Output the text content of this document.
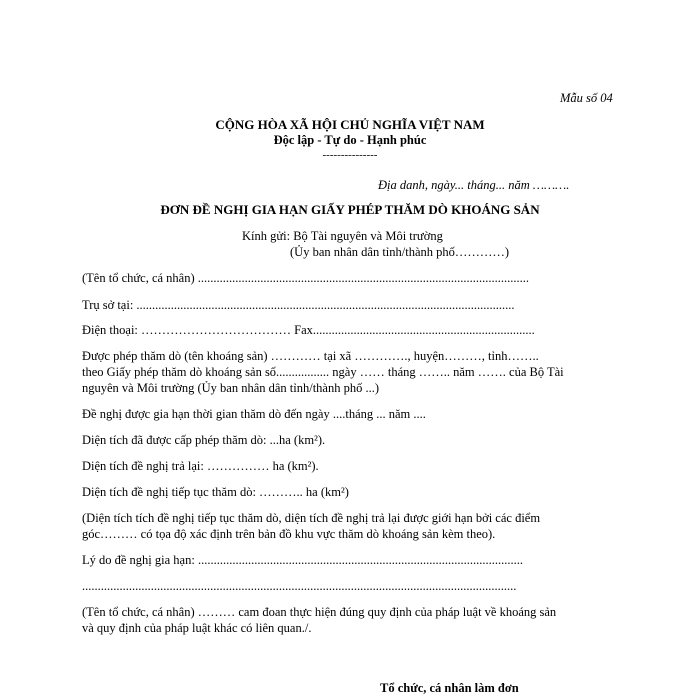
Mẫu số 04
CỘNG HÒA XÃ HỘI CHỦ NGHĨA VIỆT NAM
Độc lập - Tự do - Hạnh phúc
---------------
Địa danh, ngày... tháng... năm ……….
ĐƠN ĐỀ NGHỊ GIA HẠN GIẤY PHÉP THĂM DÒ KHOÁNG SẢN
Kính gửi: Bộ Tài nguyên và Môi trường
(Ủy ban nhân dân tỉnh/thành phố…………)
(Tên tổ chức, cá nhân) ..........................................................................................................
Trụ sở tại: .........................................................................................................................
Điện thoại: ……………………………… Fax.......................................................................
Được phép thăm dò (tên khoáng sản) ………… tại xã …………., huyện………, tỉnh……..
theo Giấy phép thăm dò khoáng sản số................. ngày …… tháng …….. năm ……. của Bộ Tài
nguyên và Môi trường (Ủy ban nhân dân tỉnh/thành phố ...)
Đề nghị được gia hạn thời gian thăm dò đến ngày ....tháng ... năm ....
Diện tích đã được cấp phép thăm dò: ...ha (km²).
Diện tích đề nghị trả lại: …………… ha (km²).
Diện tích đề nghị tiếp tục thăm dò: ……….. ha (km²)
(Diện tích tích đề nghị tiếp tục thăm dò, diện tích đề nghị trả lại được giới hạn bởi các điểm
góc……… có tọa độ xác định trên bản đồ khu vực thăm dò khoáng sản kèm theo).
Lý do đề nghị gia hạn: ........................................................................................................
...........................................................................................................................................
(Tên tổ chức, cá nhân) ……… cam đoan thực hiện đúng quy định của pháp luật về khoáng sản
và quy định của pháp luật khác có liên quan./.
Tổ chức, cá nhân làm đơn
